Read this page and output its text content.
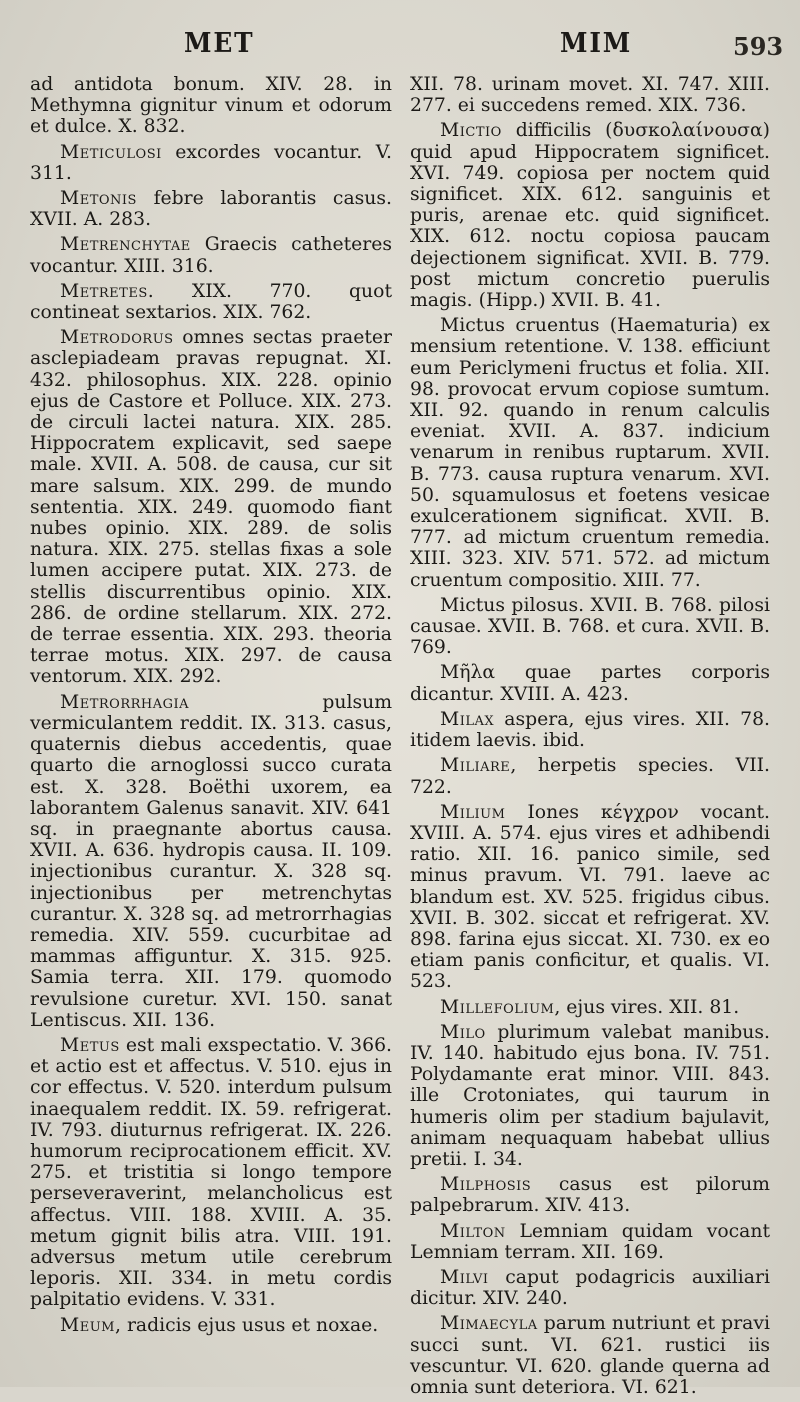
MET	MIM	593

ad antidota bonum. XIV. 28. in Methymna gignitur vinum et odorum et dulce. X. 832.

Meticulosi excordes vocantur. V. 311.

Metonis febre laborantis casus. XVII. A. 283.

Metrenchytae Graecis catheteres vocantur. XIII. 316.

Metretes. XIX. 770. quot contineat sextarios. XIX. 762.

Metrodorus omnes sectas praeter asclepiadeam pravas repugnat. XI. 432. philosophus. XIX. 228. opinio ejus de Castore et Polluce. XIX. 273. de circuli lactei natura. XIX. 285. Hippocratem explicavit, sed saepe male. XVII. A. 508. de causa, cur sit mare salsum. XIX. 299. de mundo sententia. XIX. 249. quomodo fiant nubes opinio. XIX. 289. de solis natura. XIX. 275. stellas fixas a sole lumen accipere putat. XIX. 273. de stellis discurrentibus opinio. XIX. 286. de ordine stellarum. XIX. 272. de terrae essentia. XIX. 293. theoria terrae motus. XIX. 297. de causa ventorum. XIX. 292.

Metrorrhagia pulsum vermiculantem reddit. IX. 313. casus, quaternis diebus accedentis, quae quarto die arnoglossi succo curata est. X. 328. Boëthi uxorem, ea laborantem Galenus sanavit. XIV. 641 sq. in praegnante abortus causa. XVII. A. 636. hydropis causa. II. 109. injectionibus curantur. X. 328 sq. injectionibus per metrenchytas curantur. X. 328 sq. ad metrorrhagias remedia. XIV. 559. cucurbitae ad mammas affiguntur. X. 315. 925. Samia terra. XII. 179. quomodo revulsione curetur. XVI. 150. sanat Lentiscus. XII. 136.

Metus est mali exspectatio. V. 366. et actio est et affectus. V. 510. ejus in cor effectus. V. 520. interdum pulsum inaequalem reddit. IX. 59. refrigerat. IV. 793. diuturnus refrigerat. IX. 226. humorum reciprocationem efficit. XV. 275. et tristitia si longo tempore perseveraverint, melancholicus est affectus. VIII. 188. XVIII. A. 35. metum gignit bilis atra. VIII. 191. adversus metum utile cerebrum leporis. XII. 334. in metu cordis palpitatio evidens. V. 331.

Meum, radicis ejus usus et noxae.

XII. 78. urinam movet. XI. 747. XIII. 277. ei succedens remed. XIX. 736.

Mictio difficilis (δυσκολαίνουσα) quid apud Hippocratem significet. XVI. 749. copiosa per noctem quid significet. XIX. 612. sanguinis et puris, arenae etc. quid significet. XIX. 612. noctu copiosa paucam dejectionem significat. XVII. B. 779. post mictum concretio puerulis magis. (Hipp.) XVII. B. 41.

Mictus cruentus (Haematuria) ex mensium retentione. V. 138. efficiunt eum Periclymeni fructus et folia. XII. 98. provocat ervum copiose sumtum. XII. 92. quando in renum calculis eveniat. XVII. A. 837. indicium venarum in renibus ruptarum. XVII. B. 773. causa ruptura venarum. XVI. 50. squamulosus et foetens vesicae exulcerationem significat. XVII. B. 777. ad mictum cruentum remedia. XIII. 323. XIV. 571. 572. ad mictum cruentum compositio. XIII. 77.

Mictus pilosus. XVII. B. 768. pilosi causae. XVII. B. 768. et cura. XVII. B. 769.

Μῆλα quae partes corporis dicantur. XVIII. A. 423.

Milax aspera, ejus vires. XII. 78. itidem laevis. ibid.

Miliare, herpetis species. VII. 722.

Milium Iones κέγχρον vocant. XVIII. A. 574. ejus vires et adhibendi ratio. XII. 16. panico simile, sed minus pravum. VI. 791. laeve ac blandum est. XV. 525. frigidus cibus. XVII. B. 302. siccat et refrigerat. XV. 898. farina ejus siccat. XI. 730. ex eo etiam panis conficitur, et qualis. VI. 523.

Millefolium, ejus vires. XII. 81.

Milo plurimum valebat manibus. IV. 140. habitudo ejus bona. IV. 751. Polydamante erat minor. VIII. 843. ille Crotoniates, qui taurum in humeris olim per stadium bajulavit, animam nequaquam habebat ullius pretii. I. 34.

Milphosis casus est pilorum palpebrarum. XIV. 413.

Milton Lemniam quidam vocant Lemniam terram. XII. 169.

Milvi caput podagricis auxiliari dicitur. XIV. 240.

Mimaecyla parum nutriunt et pravi succi sunt. VI. 621. rustici iis vescuntur. VI. 620. glande querna ad omnia sunt deteriora. VI. 621.
